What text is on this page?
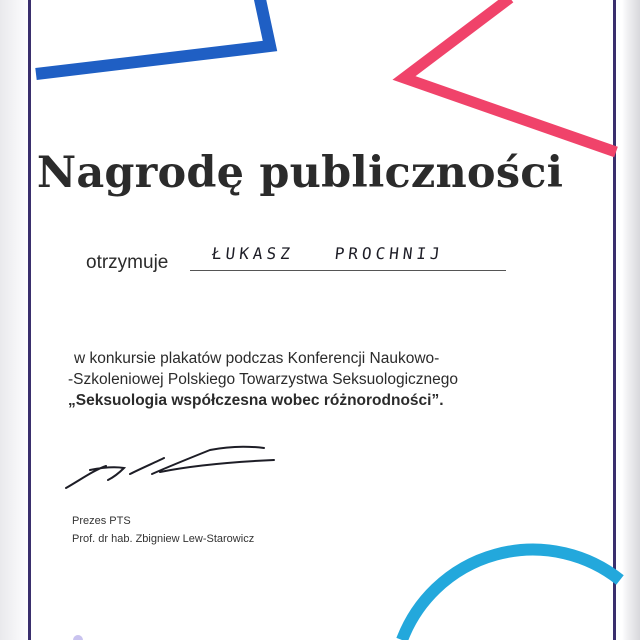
Nagrodę publiczności
otrzymuje	ŁUKASZ   PROCHNIJ
w konkursie plakatów podczas Konferencji Naukowo-
-Szkoleniowej Polskiego Towarzystwa Seksuologicznego
„Seksuologia współczesna wobec różnorodności”.
Prezes PTS
Prof. dr hab. Zbigniew Lew-Starowicz
